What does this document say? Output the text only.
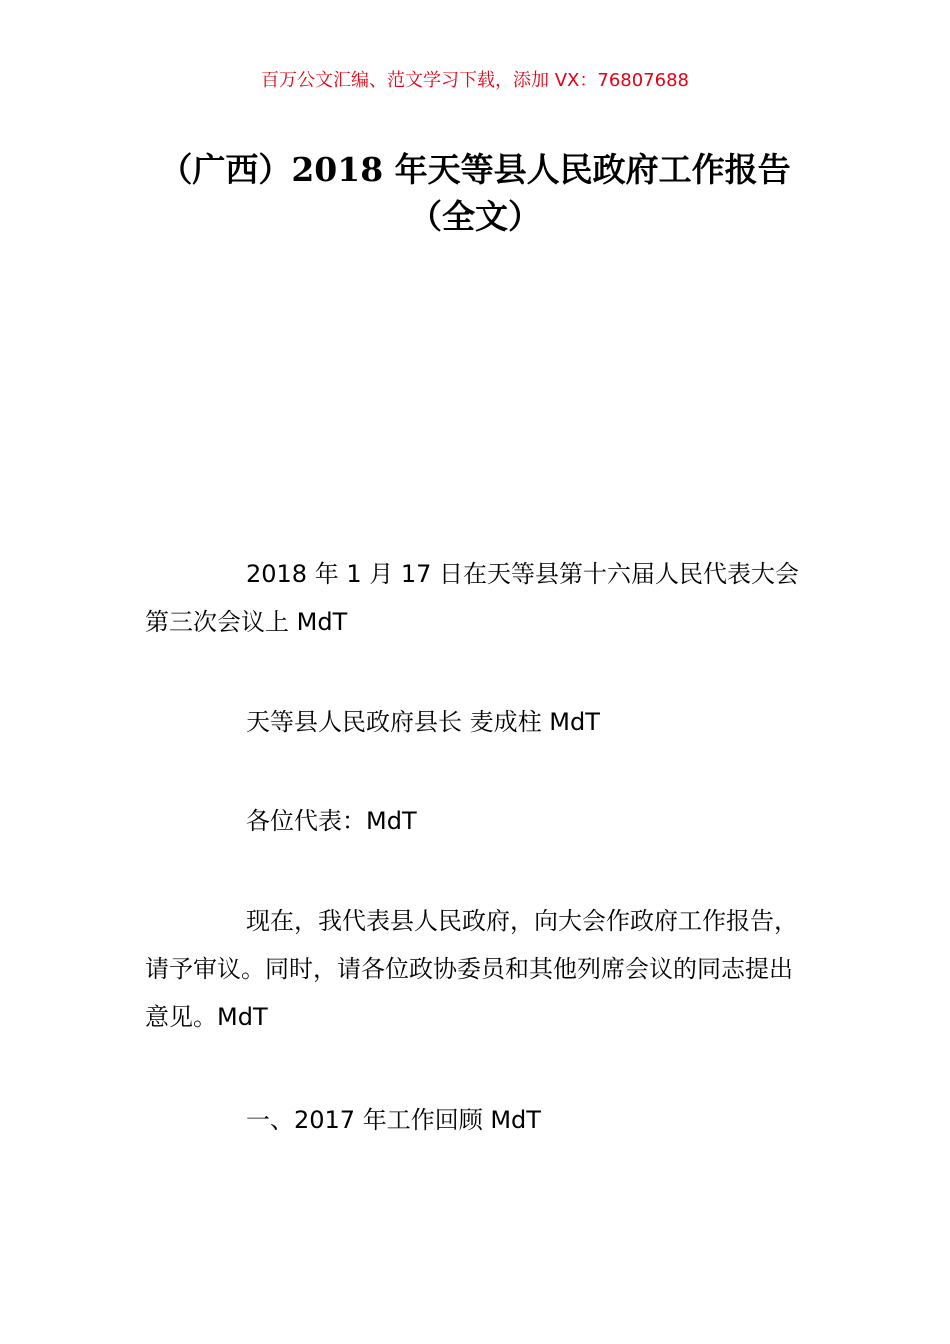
百万公文汇编、范文学习下载，添加 VX：76807688
（广西）2018 年天等县人民政府工作报告
（全文）

2018 年 1 月 17 日在天等县第十六届人民代表大会第三次会议上 MdT

天等县人民政府县长 麦成柱 MdT

各位代表：MdT

现在，我代表县人民政府，向大会作政府工作报告，请予审议。同时，请各位政协委员和其他列席会议的同志提出意见。MdT

一、2017 年工作回顾 MdT
